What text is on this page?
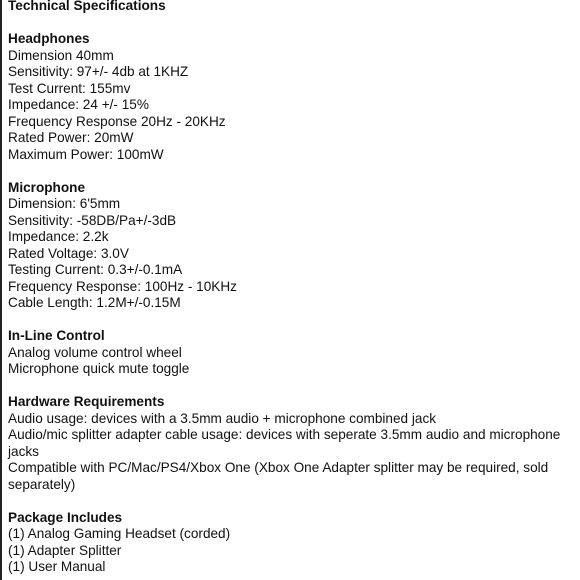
Technical Specifications
Headphones
Dimension 40mm
Sensitivity: 97+/- 4db at 1KHZ
Test Current: 155mv
Impedance: 24 +/- 15%
Frequency Response 20Hz - 20KHz
Rated Power: 20mW
Maximum Power: 100mW
Microphone
Dimension: 6'5mm
Sensitivity: -58DB/Pa+/-3dB
Impedance: 2.2k
Rated Voltage: 3.0V
Testing Current: 0.3+/-0.1mA
Frequency Response: 100Hz - 10KHz
Cable Length: 1.2M+/-0.15M
In-Line Control
Analog volume control wheel
Microphone quick mute toggle
Hardware Requirements
Audio usage: devices with a 3.5mm audio + microphone combined jack
Audio/mic splitter adapter cable usage: devices with seperate 3.5mm audio and microphone jacks
Compatible with PC/Mac/PS4/Xbox One (Xbox One Adapter splitter may be required, sold separately)
Package Includes
(1) Analog Gaming Headset (corded)
(1) Adapter Splitter
(1) User Manual
